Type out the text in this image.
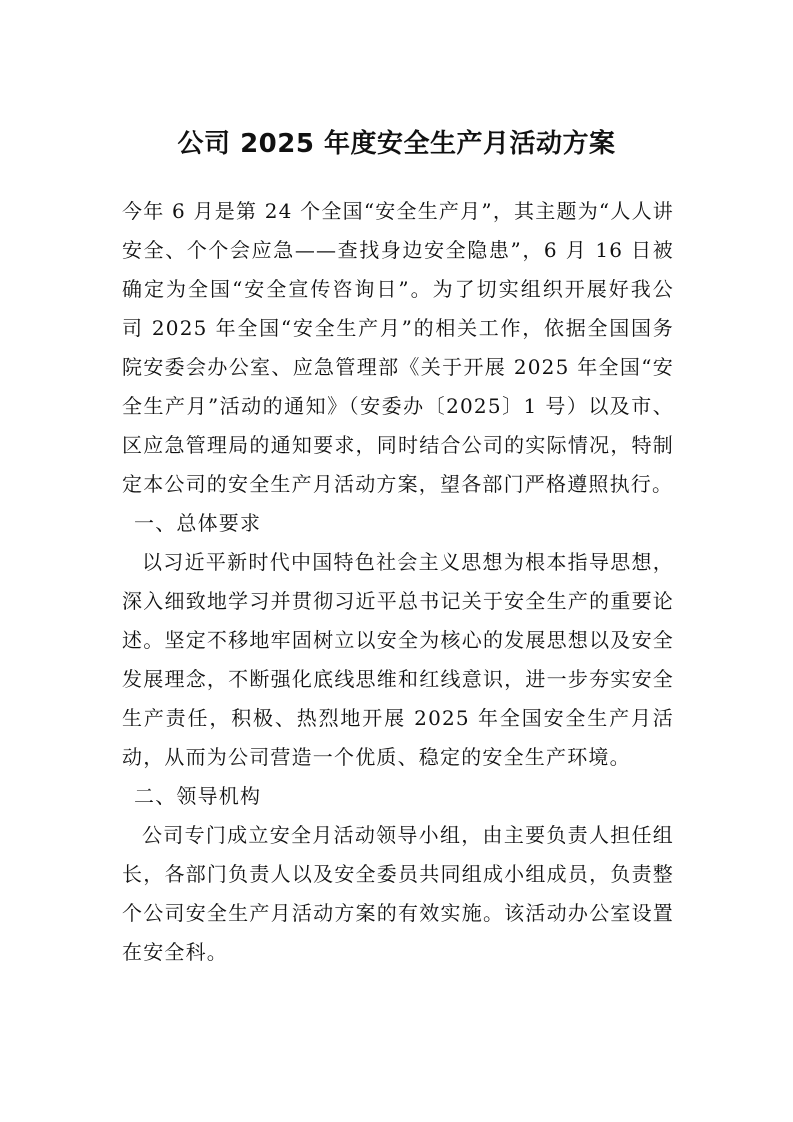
公司 2025 年度安全生产月活动方案

今年 6 月是第 24 个全国“安全生产月”，其主题为“人人讲安全、个个会应急——查找身边安全隐患”，6 月 16 日被确定为全国“安全宣传咨询日”。为了切实组织开展好我公司 2025 年全国“安全生产月”的相关工作，依据全国国务院安委会办公室、应急管理部《关于开展 2025 年全国“安全生产月”活动的通知》（安委办〔2025〕1 号）以及市、区应急管理局的通知要求，同时结合公司的实际情况，特制定本公司的安全生产月活动方案，望各部门严格遵照执行。

一、总体要求

以习近平新时代中国特色社会主义思想为根本指导思想，深入细致地学习并贯彻习近平总书记关于安全生产的重要论述。坚定不移地牢固树立以安全为核心的发展思想以及安全发展理念，不断强化底线思维和红线意识，进一步夯实安全生产责任，积极、热烈地开展 2025 年全国安全生产月活动，从而为公司营造一个优质、稳定的安全生产环境。

二、领导机构

公司专门成立安全月活动领导小组，由主要负责人担任组长，各部门负责人以及安全委员共同组成小组成员，负责整个公司安全生产月活动方案的有效实施。该活动办公室设置在安全科。
